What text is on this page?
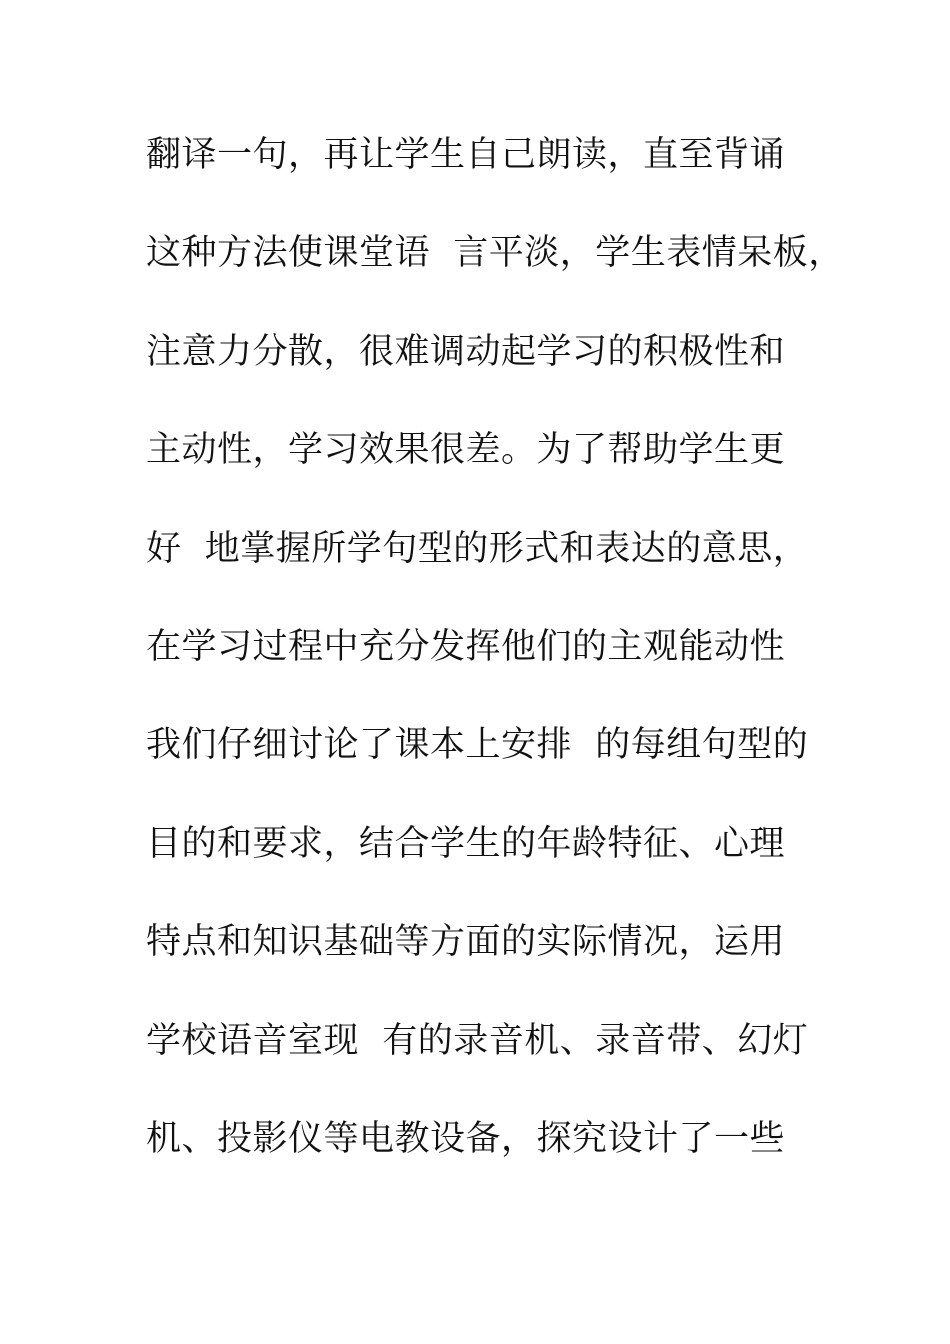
翻译一句，再让学生自己朗读，直至背诵
这种方法使课堂语  言平淡，学生表情呆板，
注意力分散，很难调动起学习的积极性和
主动性，学习效果很差。为了帮助学生更
好  地掌握所学句型的形式和表达的意思，
在学习过程中充分发挥他们的主观能动性
我们仔细讨论了课本上安排  的每组句型的
目的和要求，结合学生的年龄特征、心理
特点和知识基础等方面的实际情况，运用
学校语音室现  有的录音机、录音带、幻灯
机、投影仪等电教设备，探究设计了一些
